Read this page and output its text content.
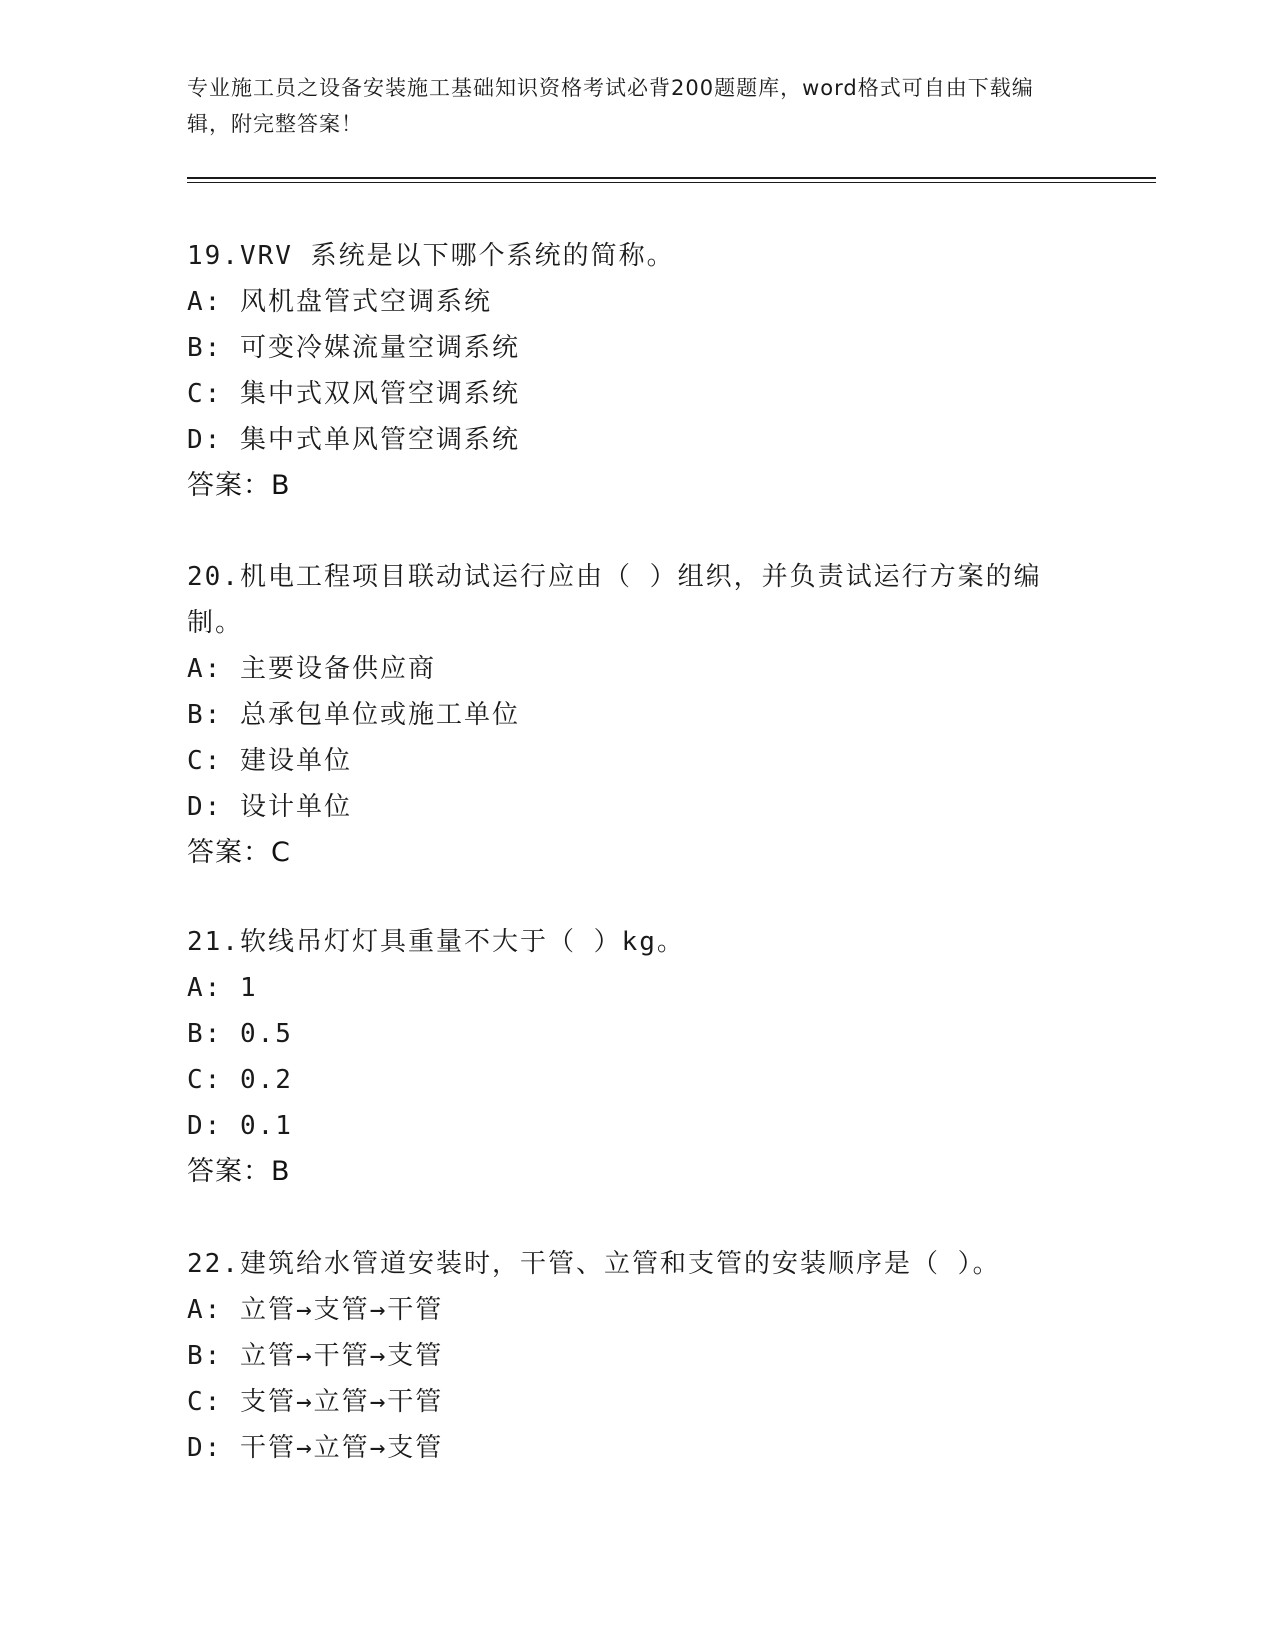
专业施工员之设备安装施工基础知识资格考试必背200题题库，word格式可自由下载编辑，附完整答案！
19.VRV 系统是以下哪个系统的简称。
A: 风机盘管式空调系统
B: 可变冷媒流量空调系统
C: 集中式双风管空调系统
D: 集中式单风管空调系统
答案：B
20.机电工程项目联动试运行应由（ ）组织，并负责试运行方案的编制。
A: 主要设备供应商
B: 总承包单位或施工单位
C: 建设单位
D: 设计单位
答案：C
21.软线吊灯灯具重量不大于（ ）kg。
A: 1
B: 0.5
C: 0.2
D: 0.1
答案：B
22.建筑给水管道安装时，干管、立管和支管的安装顺序是（ ）。
A: 立管→支管→干管
B: 立管→干管→支管
C: 支管→立管→干管
D: 干管→立管→支管
